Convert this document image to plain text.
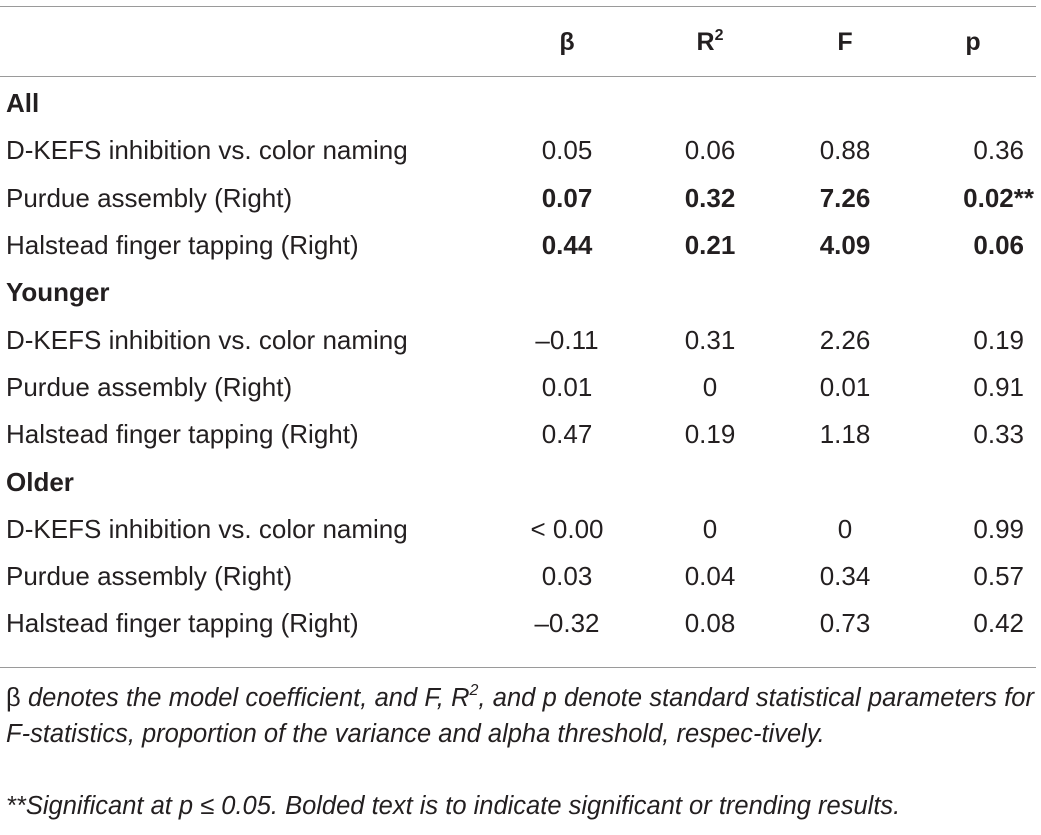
	β	$R^2$	F	p
All				
D-KEFS inhibition vs. color naming	0.05	0.06	0.88	0.36
Purdue assembly (Right)	0.07	0.32	7.26	0.02**
Halstead finger tapping (Right)	0.44	0.21	4.09	0.06
Younger				
D-KEFS inhibition vs. color naming	–0.11	0.31	2.26	0.19
Purdue assembly (Right)	0.01	0	0.01	0.91
Halstead finger tapping (Right)	0.47	0.19	1.18	0.33
Older				
D-KEFS inhibition vs. color naming	< 0.00	0	0	0.99
Purdue assembly (Right)	0.03	0.04	0.34	0.57
Halstead finger tapping (Right)	–0.32	0.08	0.73	0.42
β denotes the model coefficient, and F, $R^2$, and p denote standard statistical parameters for F-statistics, proportion of the variance and alpha threshold, respec-tively.
**Significant at p ≤ 0.05. Bolded text is to indicate significant or trending results.
